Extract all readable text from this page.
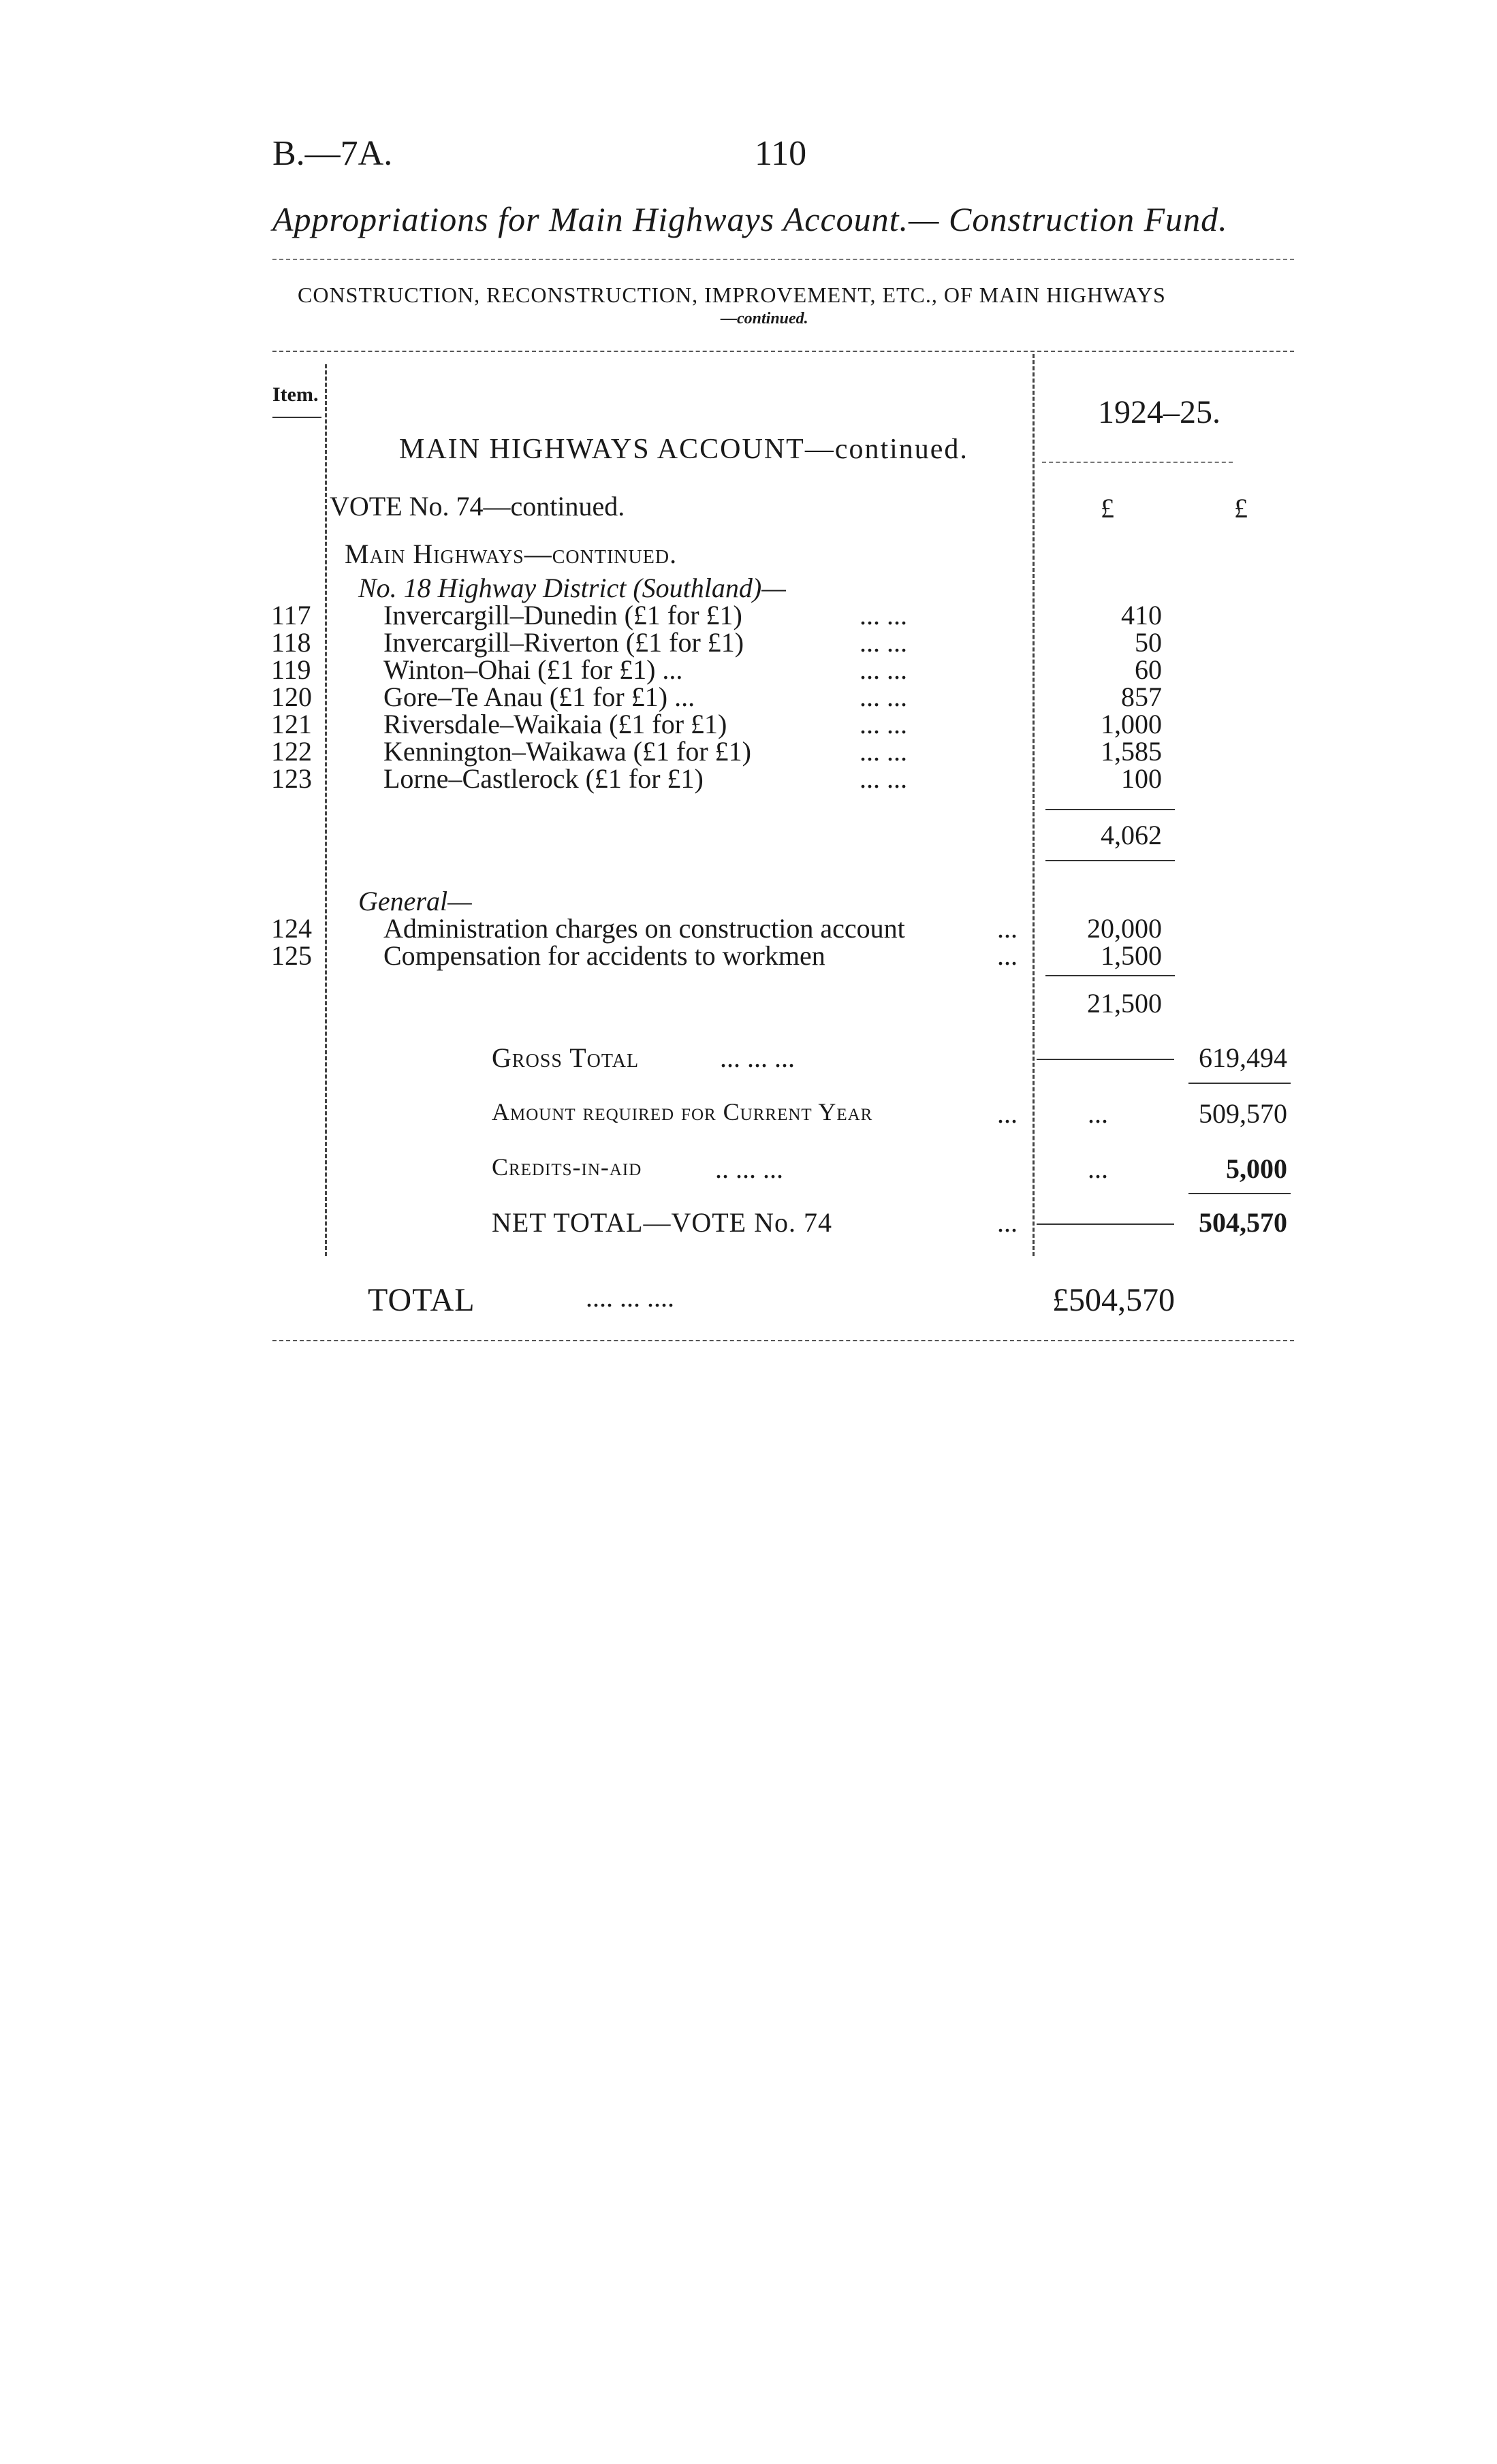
B.—7A.	110
Appropriations for Main Highways Account.— Construction Fund.
CONSTRUCTION, RECONSTRUCTION, IMPROVEMENT, ETC., OF MAIN HIGHWAYS
—continued.
Item.	1924–25.
£	£
MAIN HIGHWAYS ACCOUNT—continued.
VOTE No. 74—continued.
Main Highways—continued.
No. 18 Highway District (Southland)—
117	Invercargill–Dunedin (£1 for £1)	... ...	410
118	Invercargill–Riverton (£1 for £1)	... ...	50
119	Winton–Ohai (£1 for £1) ...	... ...	60
120	Gore–Te Anau (£1 for £1) ...	... ...	857
121	Riversdale–Waikaia (£1 for £1)	... ...	1,000
122	Kennington–Waikawa (£1 for £1)	... ...	1,585
123	Lorne–Castlerock (£1 for £1)	... ...	100
4,062
General—
124	Administration charges on construction account	...	20,000
125	Compensation for accidents to workmen	...	1,500
21,500
Gross Total	... ... ...	619,494
Amount required for Current Year	...	...	509,570
Credits-in-aid	.. ... ...	...	5,000
NET TOTAL—VOTE No. 74	...	504,570
TOTAL	.... ... ....	£504,570
